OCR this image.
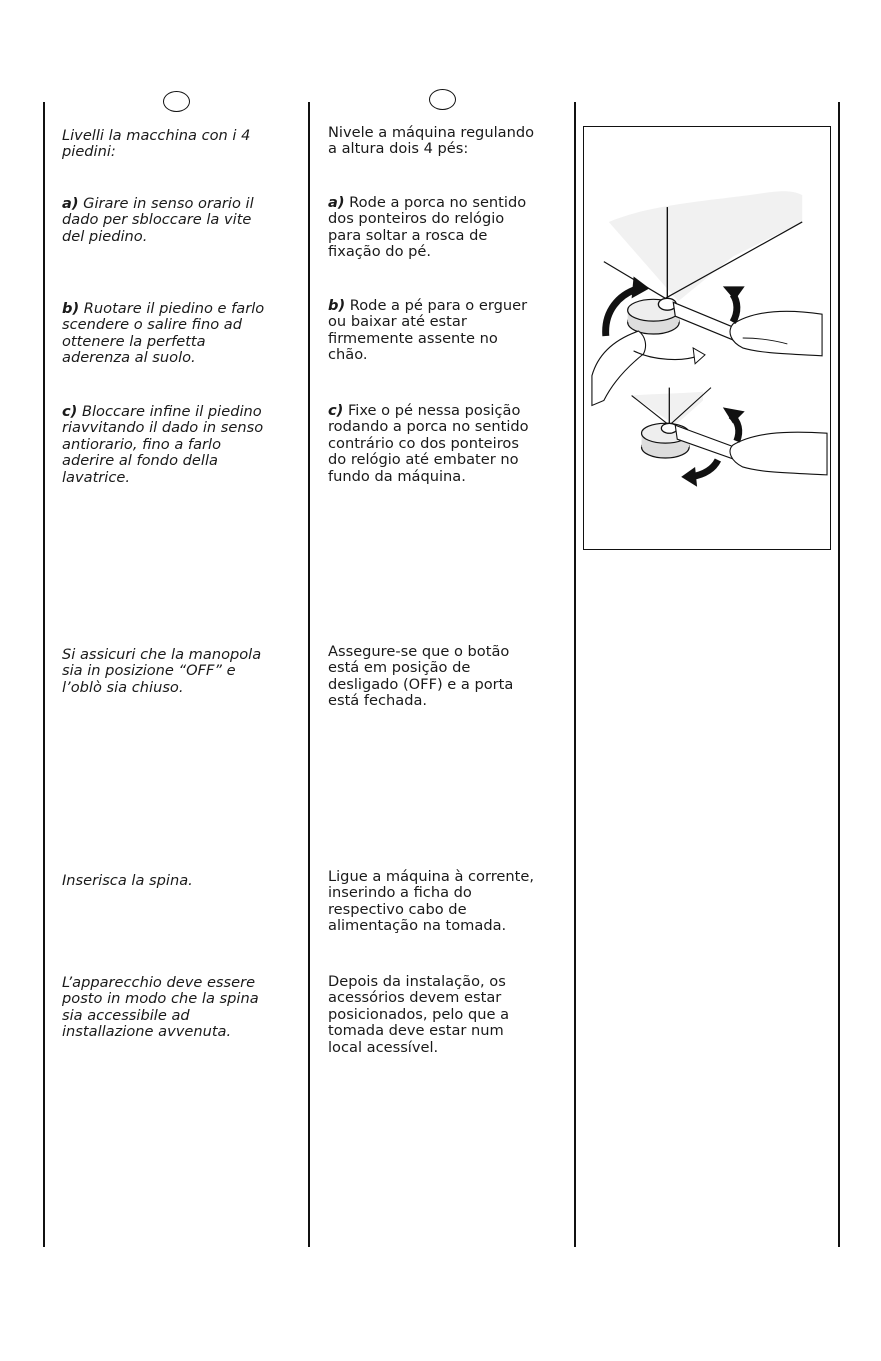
Livelli la macchina con i 4
piedini:

a) Girare in senso orario il
dado per sbloccare la vite
del piedino.

b) Ruotare il piedino e farlo
scendere o salire fino ad
ottenere la perfetta
aderenza al suolo.

c) Bloccare infine il piedino
riavvitando il dado in senso
antiorario, fino a farlo
aderire al fondo della
lavatrice.

Si assicuri che la manopola
sia in posizione “OFF” e
l’oblò sia chiuso.

Inserisca la spina.

L’apparecchio deve essere
posto in modo che la spina
sia accessibile ad
installazione avvenuta.

Nivele a máquina regulando
a altura dois 4 pés:

a) Rode a porca no sentido
dos ponteiros do relógio
para soltar a rosca de
fixação do pé.

b) Rode a pé para o erguer
ou baixar até estar
firmemente assente no
chão.

c) Fixe o pé nessa posição
rodando a porca no sentido
contrário co dos ponteiros
do relógio até embater no
fundo da máquina.

Assegure-se que o botão
está em posição de
desligado (OFF) e a porta
está fechada.

Ligue a máquina à corrente,
inserindo a ficha do
respectivo cabo de
alimentação na tomada.

Depois da instalação, os
acessórios devem estar
posicionados, pelo que a
tomada deve estar num
local acessível.
